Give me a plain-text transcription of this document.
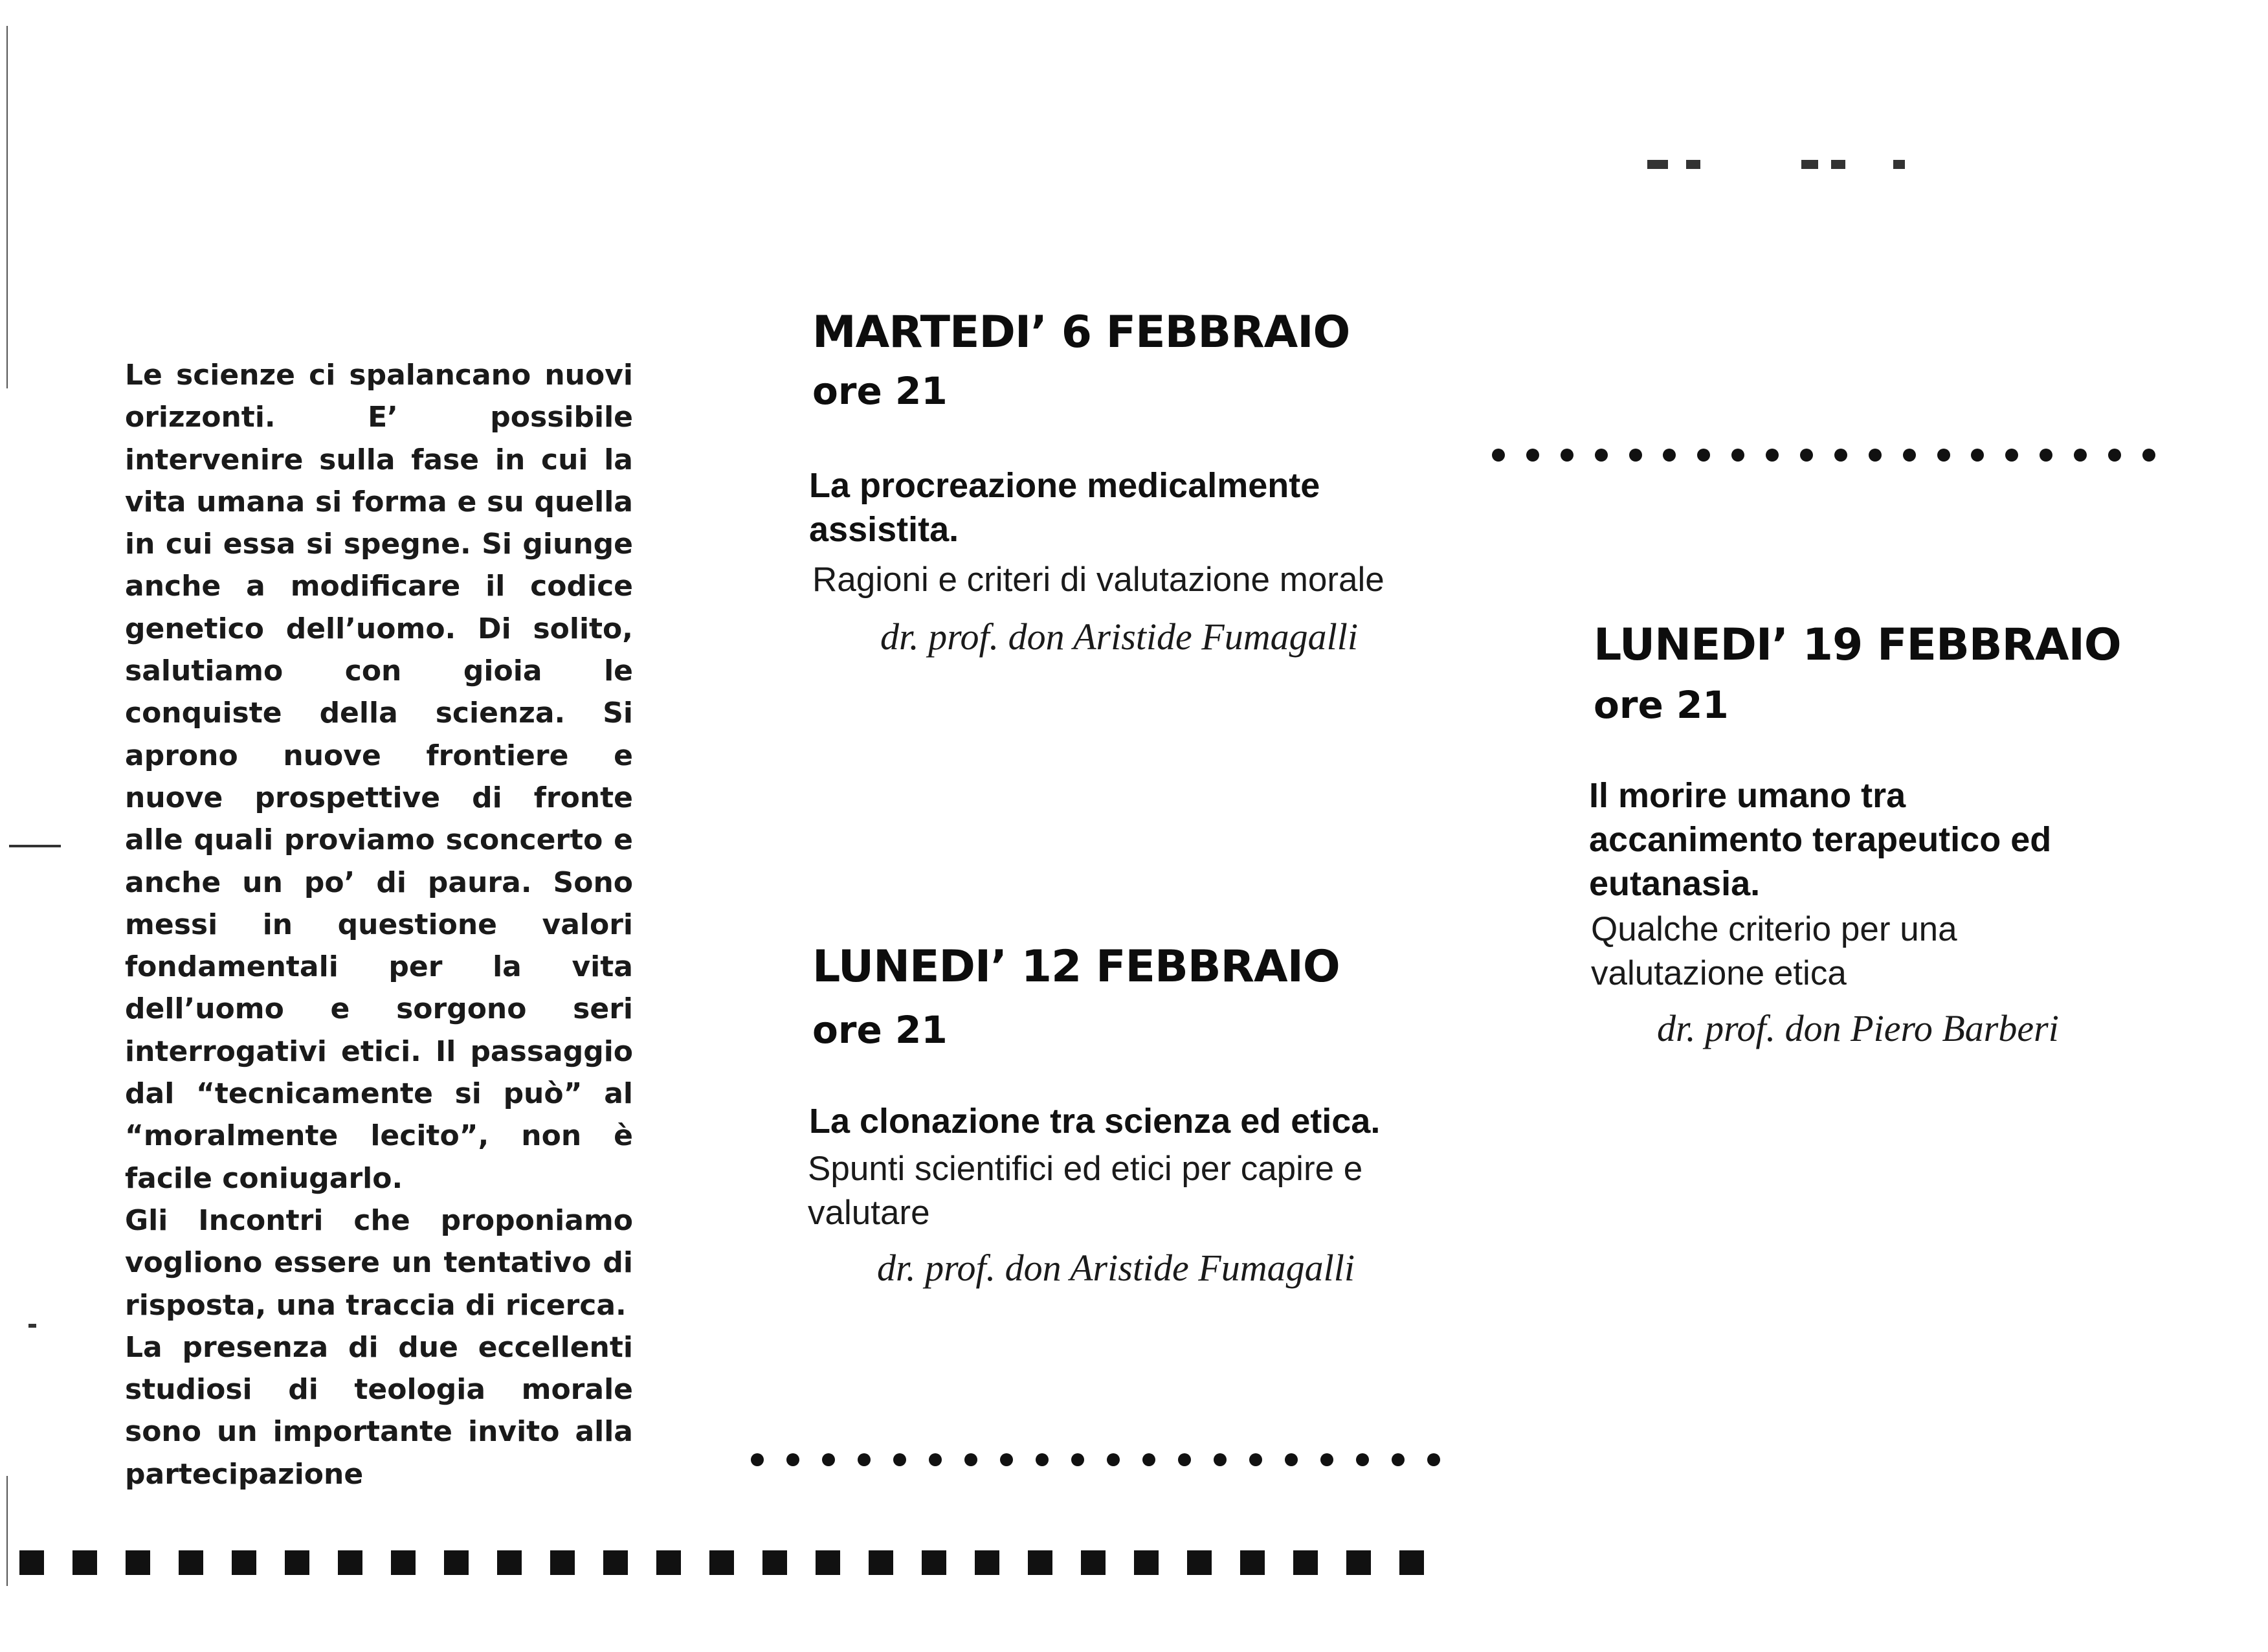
Le scienze ci spalancano nuovi orizzonti. E’ possibile intervenire sulla fase in cui la vita umana si forma e su quella in cui essa si spegne. Si giunge anche a modificare il codice genetico dell’uomo. Di solito, salutiamo con gioia le conquiste della scienza. Si aprono nuove frontiere e nuove prospettive di fronte alle quali proviamo sconcerto e anche un po’ di paura. Sono messi in questione valori fondamentali per la vita dell’uomo e sorgono seri interrogativi etici. Il passaggio dal “tecnicamente si può” al “moralmente lecito”, non è facile coniugarlo.

Gli Incontri che proponiamo vogliono essere un tentativo di risposta, una traccia di ricerca.

La presenza di due eccellenti studiosi di teologia morale sono un importante invito alla partecipazione

MARTEDI’ 6 FEBBRAIO
ore 21
La procreazione medicalmente
assistita.
Ragioni e criteri di valutazione morale
dr. prof. don Aristide Fumagalli
LUNEDI’ 12 FEBBRAIO
ore 21
La clonazione tra scienza ed etica.
Spunti scientifici ed etici per capire e
valutare
dr. prof. don Aristide Fumagalli
LUNEDI’ 19 FEBBRAIO
ore 21
Il morire umano tra
accanimento terapeutico ed
eutanasia.
Qualche criterio per una
valutazione etica
dr. prof. don Piero Barberi
